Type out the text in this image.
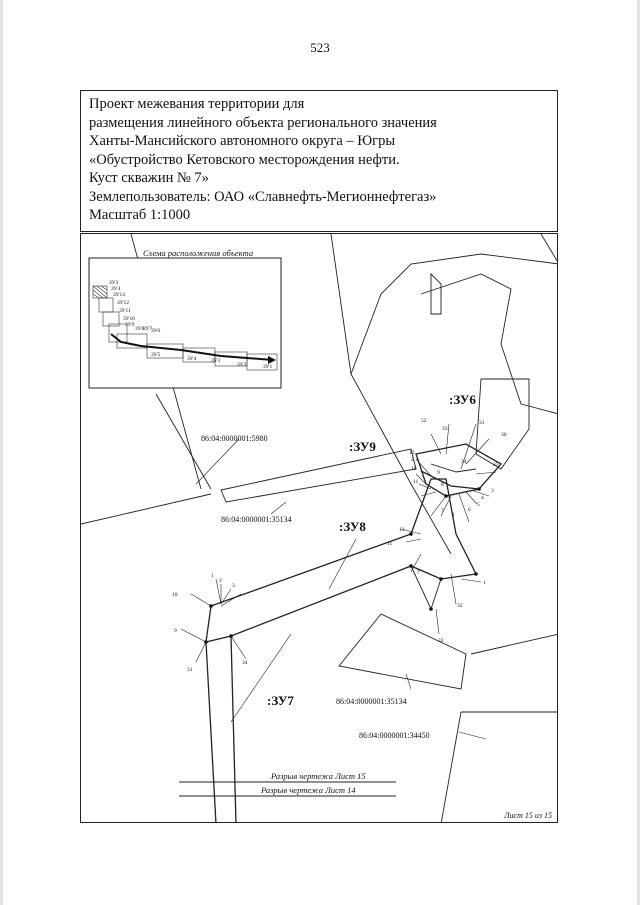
523
Проект межевания территории для
размещения линейного объекта регионального значения
Ханты-Мансийского автономного округа – Югры
«Обустройство Кетовского месторождения нефти.
Куст скважин № 7»
Землепользователь: ОАО «Славнефть-Мегионнефтегаз»
Масштаб 1:1000
Схема расположения объекта
ЗУ3
ЗУ4
ЗУ14
ЗУ12
ЗУ11
ЗУ10
ЗУ9
ЗУ8
ЗУ7
ЗУ6
ЗУ5
ЗУ4	ЗУ3
ЗУ2	ЗУ1
:ЗУ6
:ЗУ9
:ЗУ8
:ЗУ7
86:04:0000001:5980
86:04:0000001:35134
86:04:0000001:35134
86:04:0000001:34450
52
33
31
30
34	35
12
2
10
9
11	8
3
4
5
6
7
13
11
7
1
1
2
3
10
9
31
34
32
33
1
Разрыв чертежа Лист 15
Разрыв чертежа Лист 14
Лист 15 из 15
